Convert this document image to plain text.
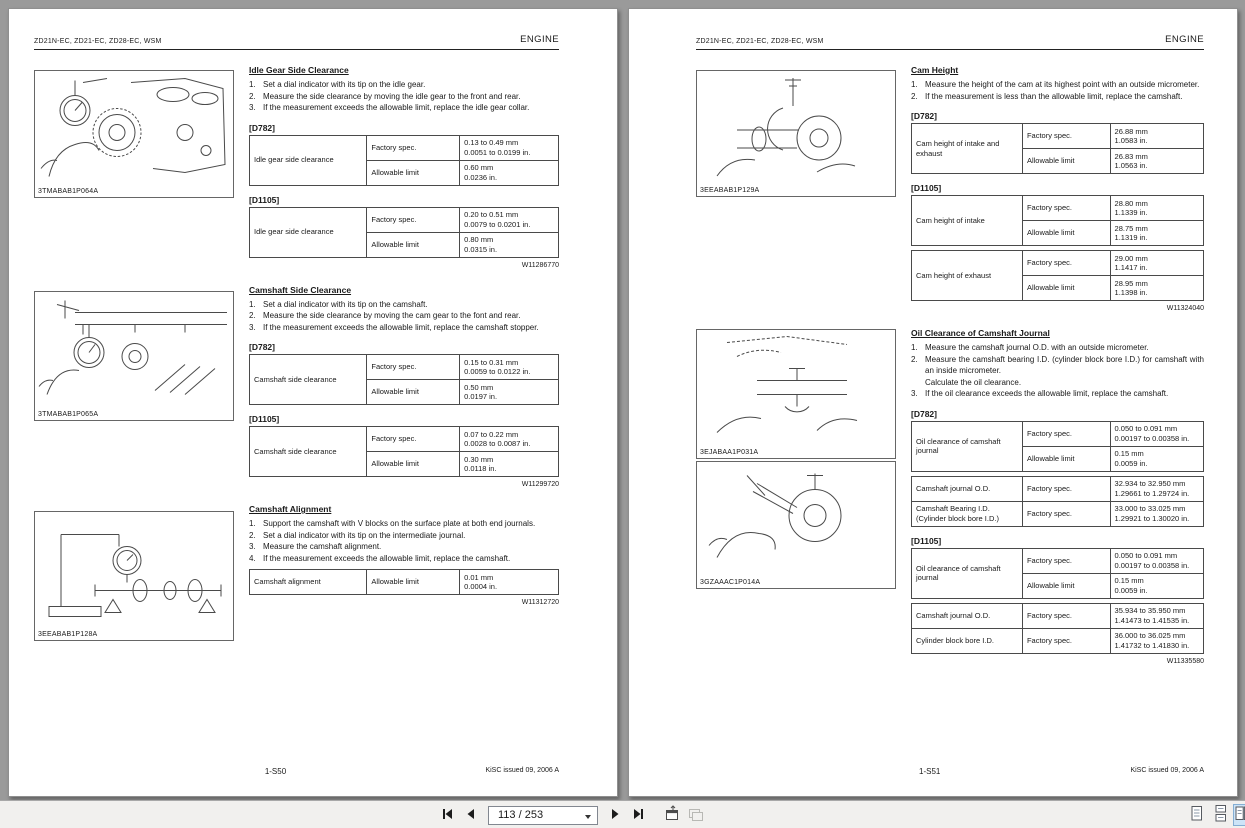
ZD21N-EC, ZD21-EC, ZD28-EC, WSM	ENGINE
3TMABAB1P064A
3TMABAB1P065A
3EEABAB1P128A
Idle Gear Side Clearance
1. Set a dial indicator with its tip on the idle gear.
2. Measure the side clearance by moving the idle gear to the front and rear.
3. If the measurement exceeds the allowable limit, replace the idle gear collar.
[D782]
Idle gear side clearance	Factory spec.	0.13 to 0.49 mm
0.0051 to 0.0199 in.

	Allowable limit	0.60 mm
0.0236 in.
[D1105]
Idle gear side clearance	Factory spec.	0.20 to 0.51 mm
0.0079 to 0.0201 in.

	Allowable limit	0.80 mm
0.0315 in.
W11286770
Camshaft Side Clearance
1. Set a dial indicator with its tip on the camshaft.
2. Measure the side clearance by moving the cam gear to the font and rear.
3. If the measurement exceeds the allowable limit, replace the camshaft stopper.
[D782]
Camshaft side clearance	Factory spec.	0.15 to 0.31 mm
0.0059 to 0.0122 in.

	Allowable limit	0.50 mm
0.0197 in.
[D1105]
Camshaft side clearance	Factory spec.	0.07 to 0.22 mm
0.0028 to 0.0087 in.

	Allowable limit	0.30 mm
0.0118 in.
W11299720
Camshaft Alignment
1. Support the camshaft with V blocks on the surface plate at both end journals.
2. Set a dial indicator with its tip on the intermediate journal.
3. Measure the camshaft alignment.
4. If the measurement exceeds the allowable limit, replace the camshaft.
Camshaft alignment	Allowable limit	
0.01 mm
0.0004 in.
W11312720
1-S50	KiSC issued 09, 2006 A
ZD21N-EC, ZD21-EC, ZD28-EC, WSM	ENGINE
3EEABAB1P129A
3EJABAA1P031A
3GZAAAC1P014A
Cam Height
1. Measure the height of the cam at its highest point with an outside micrometer.
2. If the measurement is less than the allowable limit, replace the camshaft.
[D782]
Cam height of intake and exhaust	Factory spec.	26.88 mm
1.0583 in.

	Allowable limit	26.83 mm
1.0563 in.
[D1105]
Cam height of intake	Factory spec.	28.80 mm
1.1339 in.

	Allowable limit	28.75 mm
1.1319 in.
Cam height of exhaust	Factory spec.	29.00 mm
1.1417 in.

	Allowable limit	28.95 mm
1.1398 in.
W11324040
Oil Clearance of Camshaft Journal
1. Measure the camshaft journal O.D. with an outside micrometer.
2. Measure the camshaft bearing I.D. (cylinder block bore I.D.) for camshaft with an inside micrometer.
Calculate the oil clearance.
3. If the oil clearance exceeds the allowable limit, replace the camshaft.
[D782]
Oil clearance of camshaft journal	Factory spec.	0.050 to 0.091 mm
0.00197 to 0.00358 in.

	Allowable limit	0.15 mm
0.0059 in.
Camshaft journal O.D.	Factory spec.	32.934 to 32.950 mm
1.29661 to 1.29724 in.

Camshaft Bearing I.D. (Cylinder block bore I.D.)	Factory spec.	33.000 to 33.025 mm
1.29921 to 1.30020 in.
[D1105]
Oil clearance of camshaft journal	Factory spec.	0.050 to 0.091 mm
0.00197 to 0.00358 in.

	Allowable limit	0.15 mm
0.0059 in.
Camshaft journal O.D.	Factory spec.	35.934 to 35.950 mm
1.41473 to 1.41535 in.

Cylinder block bore I.D.	Factory spec.	36.000 to 36.025 mm
1.41732 to 1.41830 in.
W11335580
1-S51	KiSC issued 09, 2006 A
113 / 253
